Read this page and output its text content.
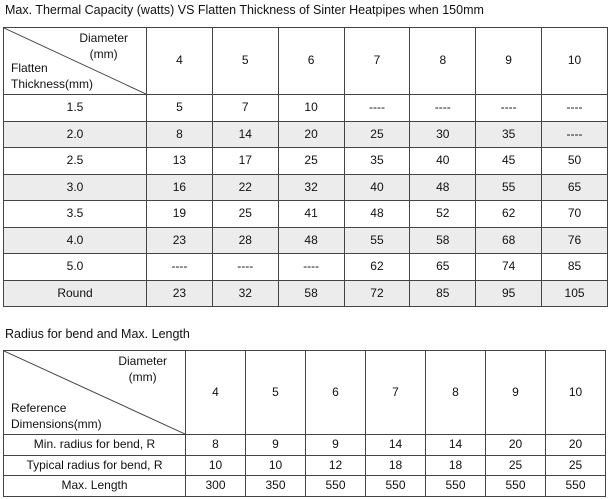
Max. Thermal Capacity (watts) VS Flatten Thickness of Sinter Heatpipes when 150mm
Diameter
(mm)
Flatten
Thickness(mm)	4	5	6	7	8	9	10
1.5	5	7	10	----	----	----	----
2.0	8	14	20	25	30	35	----
2.5	13	17	25	35	40	45	50
3.0	16	22	32	40	48	55	65
3.5	19	25	41	48	52	62	70
4.0	23	28	48	55	58	68	76
5.0	----	----	----	62	65	74	85
Round	23	32	58	72	85	95	105
Radius for bend and Max. Length
Diameter
(mm)
Reference
Dimensions(mm)	4	5	6	7	8	9	10
Min. radius for bend, R	8	9	9	14	14	20	20
Typical radius for bend, R	10	10	12	18	18	25	25
Max. Length	300	350	550	550	550	550	550
